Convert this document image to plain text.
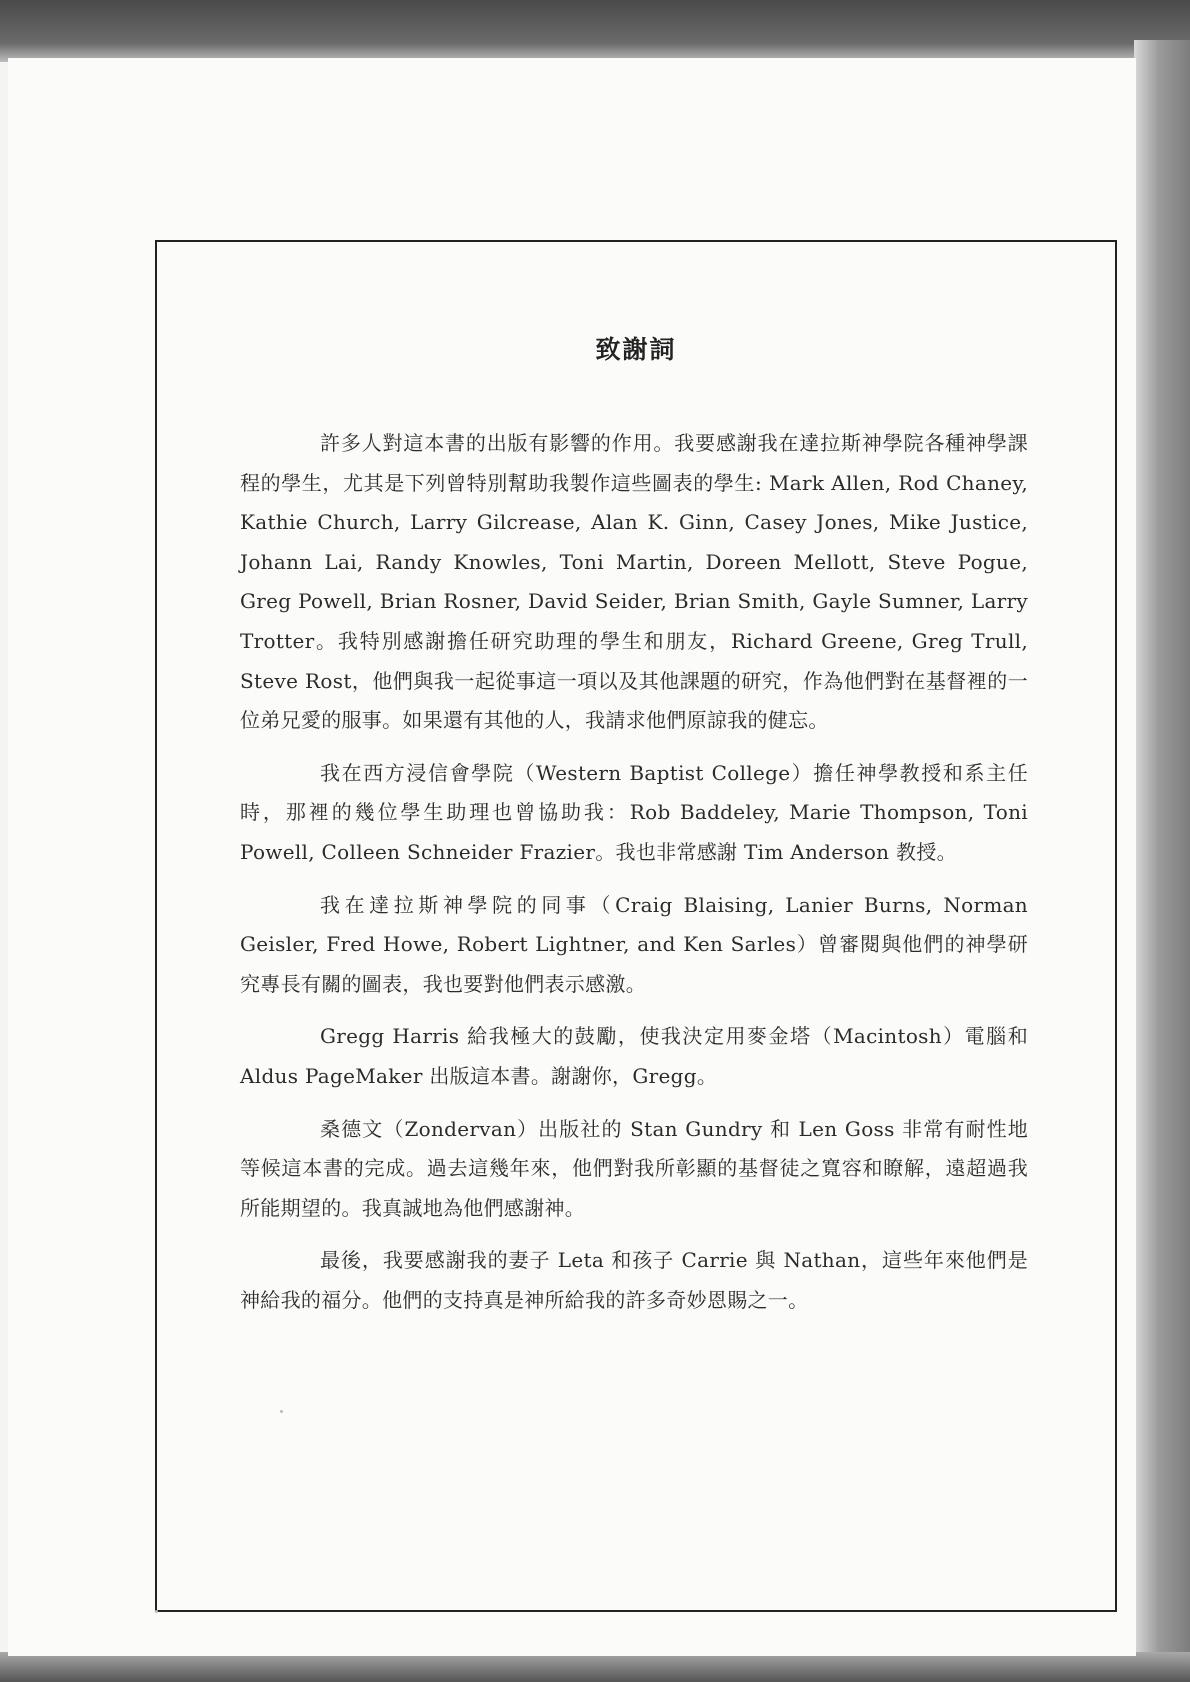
致謝詞

許多人對這本書的出版有影響的作用。我要感謝我在達拉斯神學院各種神學課程的學生，尤其是下列曾特別幫助我製作這些圖表的學生: Mark Allen, Rod Chaney, Kathie Church, Larry Gilcrease, Alan K. Ginn, Casey Jones, Mike Justice, Johann Lai, Randy Knowles, Toni Martin, Doreen Mellott, Steve Pogue, Greg Powell, Brian Rosner, David Seider, Brian Smith, Gayle Sumner, Larry Trotter。我特別感謝擔任研究助理的學生和朋友，Richard Greene, Greg Trull, Steve Rost，他們與我一起從事這一項以及其他課題的研究，作為他們對在基督裡的一位弟兄愛的服事。如果還有其他的人，我請求他們原諒我的健忘。

我在西方浸信會學院（Western Baptist College）擔任神學教授和系主任時，那裡的幾位學生助理也曾協助我：Rob Baddeley, Marie Thompson, Toni Powell, Colleen Schneider Frazier。我也非常感謝 Tim Anderson 教授。

我在達拉斯神學院的同事（Craig Blaising, Lanier Burns, Norman Geisler, Fred Howe, Robert Lightner, and Ken Sarles）曾審閱與他們的神學研究專長有關的圖表，我也要對他們表示感激。

Gregg Harris 給我極大的鼓勵，使我決定用麥金塔（Macintosh）電腦和 Aldus PageMaker 出版這本書。謝謝你，Gregg。

桑德文（Zondervan）出版社的 Stan Gundry 和 Len Goss 非常有耐性地等候這本書的完成。過去這幾年來，他們對我所彰顯的基督徒之寬容和瞭解，遠超過我所能期望的。我真誠地為他們感謝神。

最後，我要感謝我的妻子 Leta 和孩子 Carrie 與 Nathan，這些年來他們是神給我的福分。他們的支持真是神所給我的許多奇妙恩賜之一。
